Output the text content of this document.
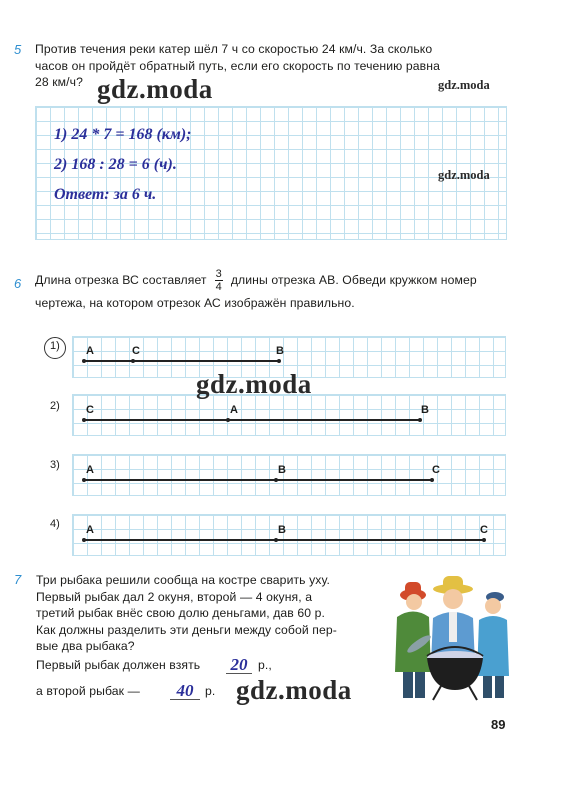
5 Против течения реки катер шёл 7 ч со скоростью 24 км/ч. За сколько
часов он пройдёт обратный путь, если его скорость по течению равна
28 км/ч?
1) 24 * 7 = 168 (км);
2) 168 : 28 = 6 (ч).
Ответ: за 6 ч.
gdz.moda	gdz.moda
gdz.moda
6 Длина отрезка ВС составляет $\frac{3}{4}$ длины отрезка АВ. Обведи кружком номер
чертежа, на котором отрезок АС изображён правильно.
1) A	C	B
2) C	A	B
3) A	B	C
4) A	B	C
gdz.moda
7 Три рыбака решили сообща на костре сварить уху.
Первый рыбак дал 2 окуня, второй — 4 окуня, а
третий рыбак внёс свою долю деньгами, дав 60 р.
Как должны разделить эти деньги между собой пер-
вые два рыбака?
Первый рыбак должен взять	20 р.,
а второй рыбак —	40 р. gdz.moda
89
